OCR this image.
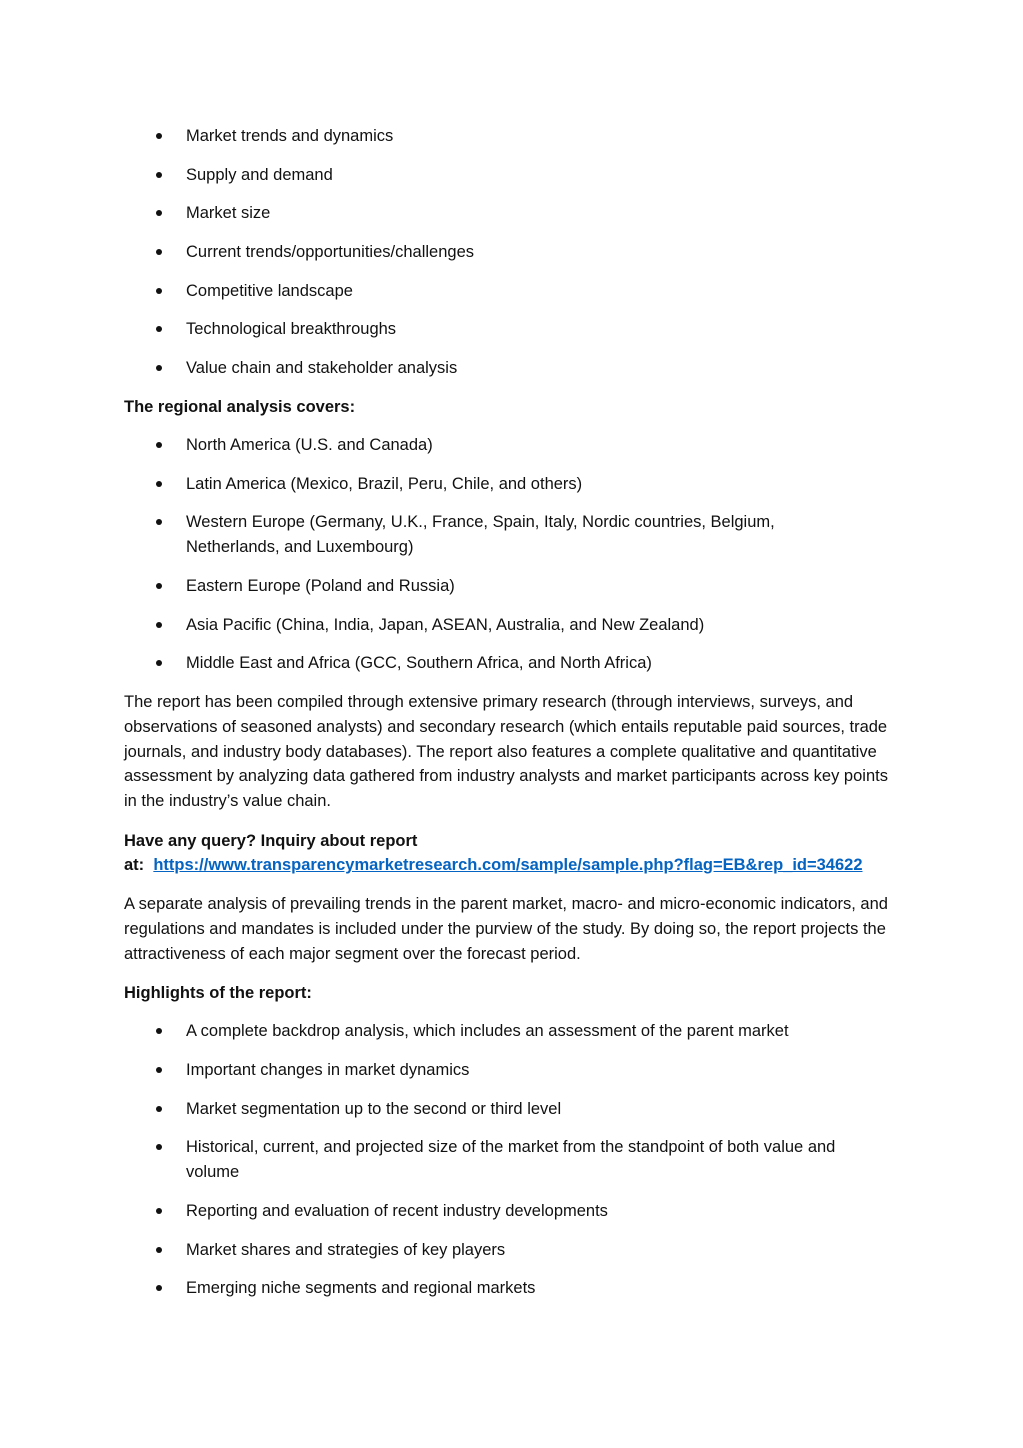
Market trends and dynamics
Supply and demand
Market size
Current trends/opportunities/challenges
Competitive landscape
Technological breakthroughs
Value chain and stakeholder analysis
The regional analysis covers:
North America (U.S. and Canada)
Latin America (Mexico, Brazil, Peru, Chile, and others)
Western Europe (Germany, U.K., France, Spain, Italy, Nordic countries, Belgium, Netherlands, and Luxembourg)
Eastern Europe (Poland and Russia)
Asia Pacific (China, India, Japan, ASEAN, Australia, and New Zealand)
Middle East and Africa (GCC, Southern Africa, and North Africa)
The report has been compiled through extensive primary research (through interviews, surveys, and observations of seasoned analysts) and secondary research (which entails reputable paid sources, trade journals, and industry body databases). The report also features a complete qualitative and quantitative assessment by analyzing data gathered from industry analysts and market participants across key points in the industry’s value chain.
Have any query? Inquiry about report
at: https://www.transparencymarketresearch.com/sample/sample.php?flag=EB&rep_id=34622
A separate analysis of prevailing trends in the parent market, macro- and micro-economic indicators, and regulations and mandates is included under the purview of the study. By doing so, the report projects the attractiveness of each major segment over the forecast period.
Highlights of the report:
A complete backdrop analysis, which includes an assessment of the parent market
Important changes in market dynamics
Market segmentation up to the second or third level
Historical, current, and projected size of the market from the standpoint of both value and volume
Reporting and evaluation of recent industry developments
Market shares and strategies of key players
Emerging niche segments and regional markets
